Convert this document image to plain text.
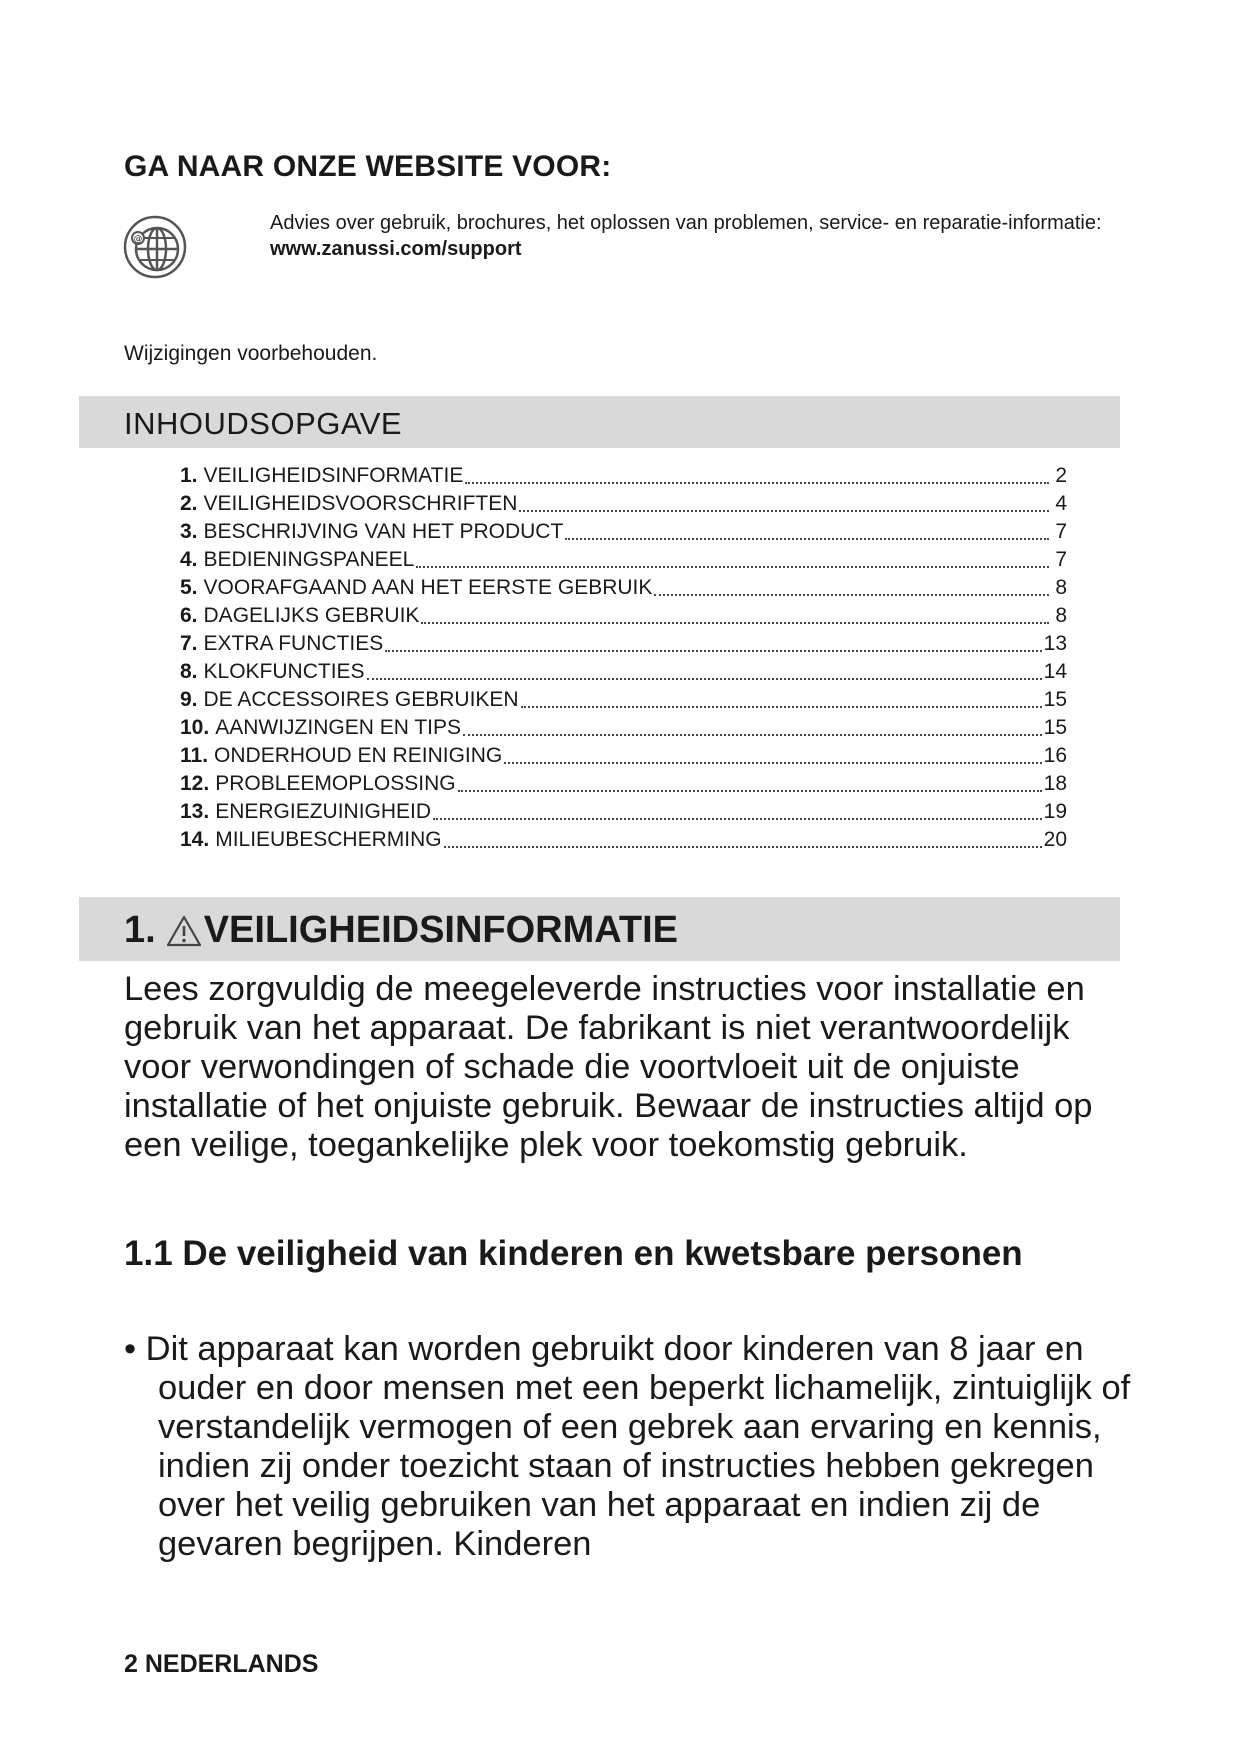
GA NAAR ONZE WEBSITE VOOR:
@
Advies over gebruik, brochures, het oplossen van problemen, service- en reparatie-informatie:
www.zanussi.com/support
Wijzigingen voorbehouden.
INHOUDSOPGAVE
1. VEILIGHEIDSINFORMATIE	2
2. VEILIGHEIDSVOORSCHRIFTEN	4
3. BESCHRIJVING VAN HET PRODUCT	7
4. BEDIENINGSPANEEL	7
5. VOORAFGAAND AAN HET EERSTE GEBRUIK	8
6. DAGELIJKS GEBRUIK	8
7. EXTRA FUNCTIES	13
8. KLOKFUNCTIES	14
9. DE ACCESSOIRES GEBRUIKEN	15
10. AANWIJZINGEN EN TIPS	15
11. ONDERHOUD EN REINIGING	16
12. PROBLEEMOPLOSSING	18
13. ENERGIEZUINIGHEID	19
14. MILIEUBESCHERMING	20
1. VEILIGHEIDSINFORMATIE

Lees zorgvuldig de meegeleverde instructies voor installatie en gebruik van het apparaat. De fabrikant is niet verantwoordelijk voor verwondingen of schade die voortvloeit uit de onjuiste installatie of het onjuiste gebruik. Bewaar de instructies altijd op een veilige, toegankelijke plek voor toekomstig gebruik.

1.1 De veiligheid van kinderen en kwetsbare personen

• Dit apparaat kan worden gebruikt door kinderen van 8 jaar en ouder en door mensen met een beperkt lichamelijk, zintuiglijk of verstandelijk vermogen of een gebrek aan ervaring en kennis, indien zij onder toezicht staan of instructies hebben gekregen over het veilig gebruiken van het apparaat en indien zij de gevaren begrijpen. Kinderen

2 NEDERLANDS
